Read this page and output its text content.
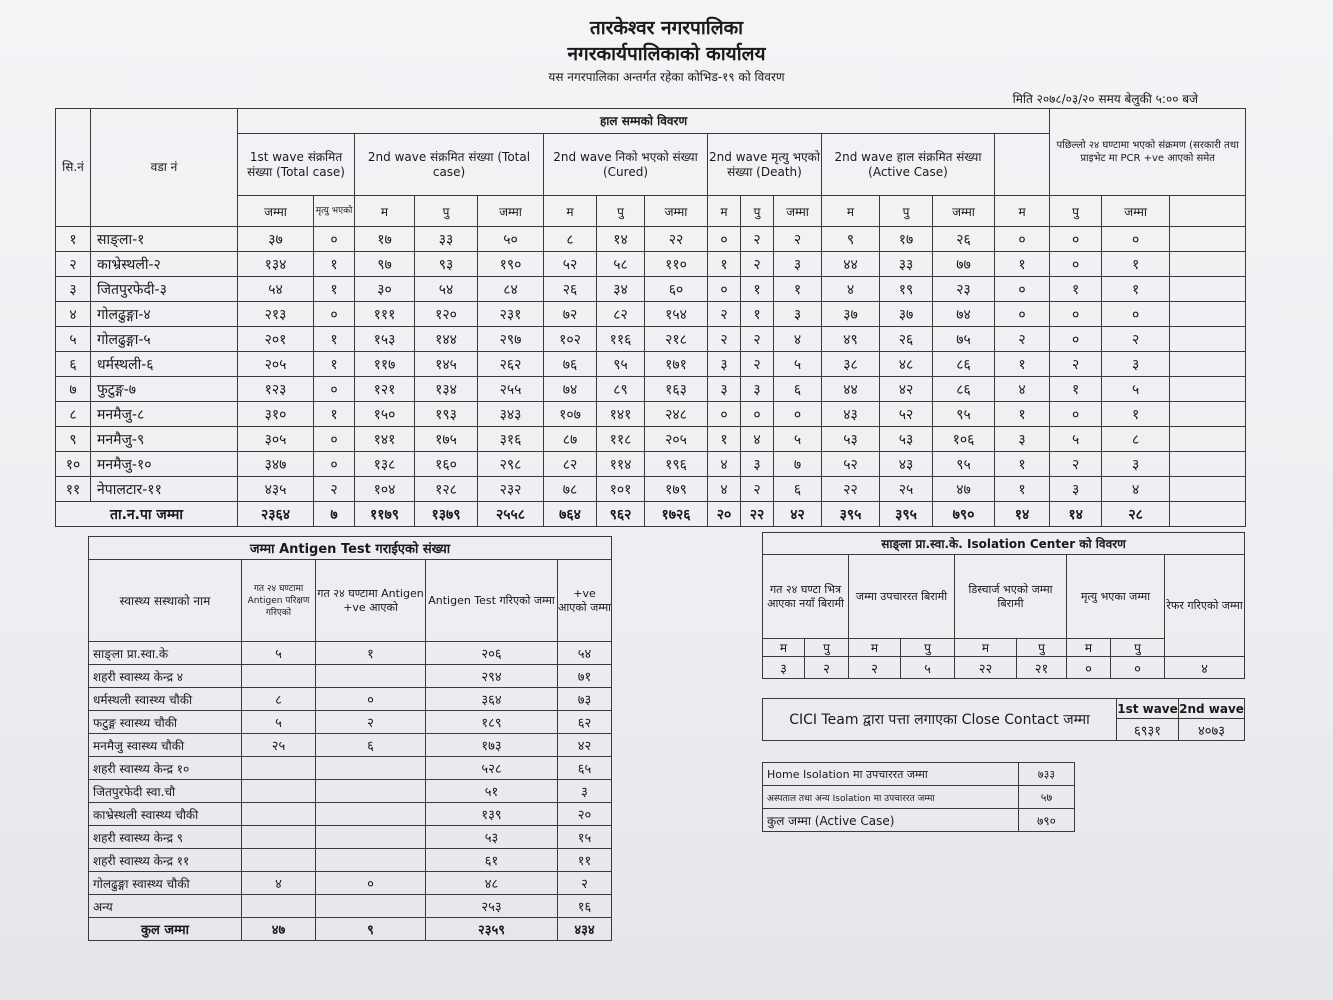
तारकेश्वर नगरपालिका
नगरकार्यपालिकाको कार्यालय
यस नगरपालिका अन्तर्गत रहेका कोभिड-१९ को विवरण
मिति २०७८/०३/२० समय बेलुकी ५:०० बजे
सि.नं	वडा नं	हाल सम्मको विवरण															पछिल्लो २४ घण्टामा भएको संक्रमण (सरकारी तथा प्राइभेट मा PCR +ve आएको समेत	
		1st wave संक्रमित संख्या (Total case)		2nd wave संक्रमित संख्या (Total case)			2nd wave निको भएको संख्या (Cured)			2nd wave मृत्यु भएको संख्या (Death)			2nd wave हाल संक्रमित संख्या (Active Case)							
		जम्मा	मृत्यु भएको	म	पु	जम्मा	म	पु	जम्मा	म	पु	जम्मा	म	पु	जम्मा	म	पु	जम्मा		
१	साङ्ला-१	३७	०	१७	३३	५०	८	१४	२२	०	२	२	९	१७	२६	०	०	०		
२	काभ्रेस्थली-२	१३४	१	९७	९३	१९०	५२	५८	११०	१	२	३	४४	३३	७७	१	०	१		
३	जितपुरफेदी-३	५४	१	३०	५४	८४	२६	३४	६०	०	१	१	४	१९	२३	०	१	१		
४	गोलढुङ्गा-४	२१३	०	१११	१२०	२३१	७२	८२	१५४	२	१	३	३७	३७	७४	०	०	०		
५	गोलढुङ्गा-५	२०१	१	१५३	१४४	२९७	१०२	११६	२१८	२	२	४	४९	२६	७५	२	०	२		
६	धर्मस्थली-६	२०५	१	११७	१४५	२६२	७६	९५	१७१	३	२	५	३८	४८	८६	१	२	३		
७	फुटुङ्ग-७	१२३	०	१२१	१३४	२५५	७४	८९	१६३	३	३	६	४४	४२	८६	४	१	५		
८	मनमैजु-८	३१०	१	१५०	१९३	३४३	१०७	१४१	२४८	०	०	०	४३	५२	९५	१	०	१		
९	मनमैजु-९	३०५	०	१४१	१७५	३१६	८७	११८	२०५	१	४	५	५३	५३	१०६	३	५	८		
१०	मनमैजु-१०	३४७	०	१३८	१६०	२९८	८२	११४	१९६	४	३	७	५२	४३	९५	१	२	३		
११	नेपालटार-११	४३५	२	१०४	१२८	२३२	७८	१०१	१७९	४	२	६	२२	२५	४७	१	३	४		
ता.न.पा जम्मा		२३६४	७	११७९	१३७९	२५५८	७६४	९६२	१७२६	२०	२२	४२	३९५	३९५	७९०	१४	१४	२८		
जम्मा Antigen Test गराईएको संख्या				
स्वास्थ्य सस्थाको नाम	गत २४ घण्टामा Antigen परिक्षण गरिएको	गत २४ घण्टामा Antigen +ve आएको	Antigen Test गरिएको जम्मा	+ve आएको जम्मा
साङ्ला प्रा.स्वा.के	५	१	२०६	५४
शहरी स्वास्थ्य केन्द्र ४			२९४	७१
धर्मस्थली स्वास्थ्य चौकी	८	०	३६४	७३
फटुङ्ग स्वास्थ्य चौकी	५	२	१८९	६२
मनमैजु स्वास्थ्य चौकी	२५	६	१७३	४२
शहरी स्वास्थ्य केन्द्र १०			५२८	६५
जितपुरफेदी स्वा.चौ			५१	३
काभ्रेस्थली स्वास्थ्य चौकी			१३९	२०
शहरी स्वास्थ्य केन्द्र ९			५३	१५
शहरी स्वास्थ्य केन्द्र ११			६१	११
गोलढुङ्गा स्वास्थ्य चौकी	४	०	४८	२
अन्य			२५३	१६
कुल जम्मा	४७	९	२३५९	४३४
साङ्ला प्रा.स्वा.के. Isolation Center को विवरण								
गत २४ घण्टा भित्र आएका नयाँ बिरामी		जम्मा उपचाररत बिरामी		डिस्चार्ज भएको जम्मा बिरामी		मृत्यु भएका जम्मा		रेफर गरिएको जम्मा
म	पु	म	पु	म	पु	म	पु	
३	२	२	५	२२	२१	०	०	४
CICI Team द्वारा पत्ता लगाएका Close Contact जम्मा	1st wave	2nd wave
	६९३१	४०७३
Home Isolation मा उपचाररत जम्मा	७३३
अस्पताल तथा अन्य Isolation मा उपचाररत जम्मा	५७
कुल जम्मा (Active Case)	७९०
